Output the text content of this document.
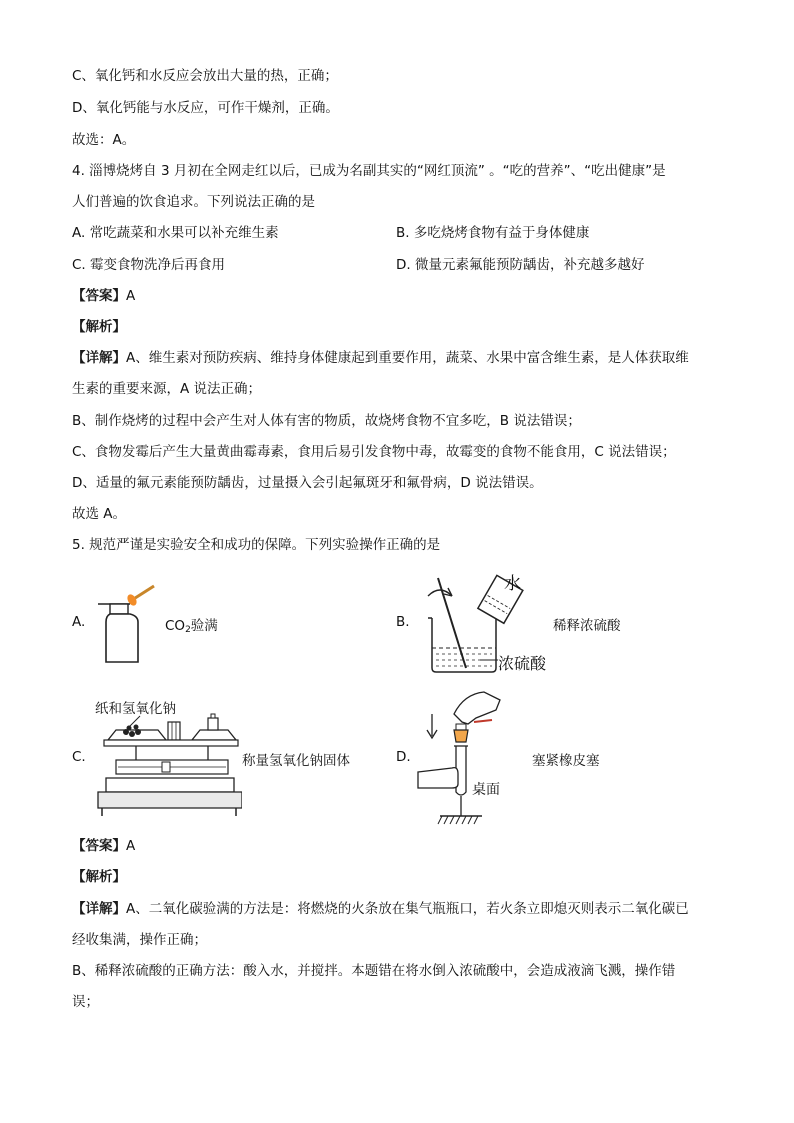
C、氧化钙和水反应会放出大量的热，正确；
D、氧化钙能与水反应，可作干燥剂，正确。
故选：A。
4. 淄博烧烤自 3 月初在全网走红以后，已成为名副其实的“网红顶流” 。“吃的营养”、“吃出健康”是
人们普遍的饮食追求。下列说法正确的是
A. 常吃蔬菜和水果可以补充维生素	B. 多吃烧烤食物有益于身体健康
C. 霉变食物洗净后再食用	D. 微量元素氟能预防龋齿，补充越多越好
【答案】A
【解析】
【详解】A、维生素对预防疾病、维持身体健康起到重要作用，蔬菜、水果中富含维生素，是人体获取维
生素的重要来源，A 说法正确；
B、制作烧烤的过程中会产生对人体有害的物质，故烧烤食物不宜多吃，B 说法错误；
C、食物发霉后产生大量黄曲霉毒素，食用后易引发食物中毒，故霉变的食物不能食用，C 说法错误；
D、适量的氟元素能预防龋齿，过量摄入会引起氟斑牙和氟骨病，D 说法错误。
故选 A。
5. 规范严谨是实验安全和成功的保障。下列实验操作正确的是
A.	$CO_2$验满	B.
水
浓硫酸
稀释浓硫酸
纸和氢氧化钠
C.	称量氢氧化钠固体	D.
桌面
塞紧橡皮塞
【答案】A
【解析】
【详解】A、二氧化碳验满的方法是：将燃烧的火条放在集气瓶瓶口，若火条立即熄灭则表示二氧化碳已
经收集满，操作正确；
B、稀释浓硫酸的正确方法：酸入水，并搅拌。本题错在将水倒入浓硫酸中，会造成液滴飞溅，操作错
误；
